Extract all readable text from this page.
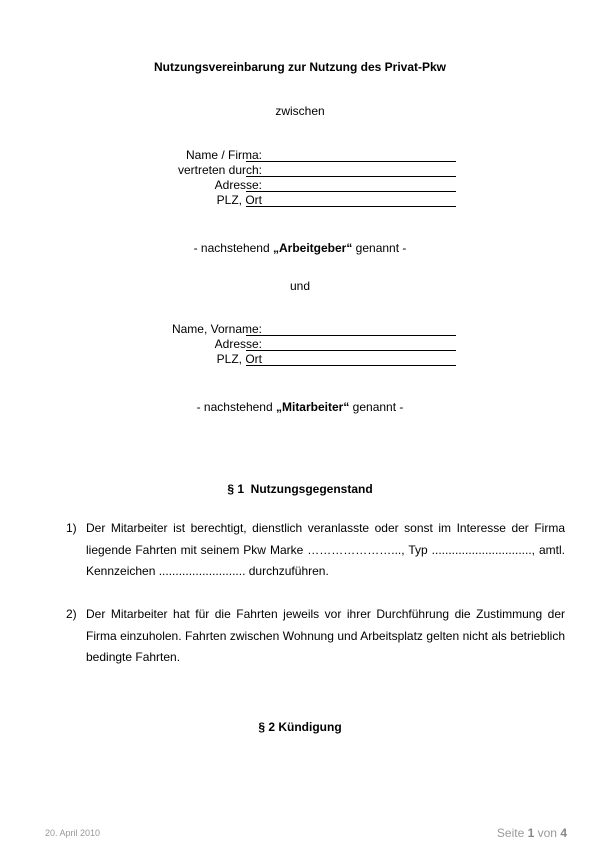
Nutzungsvereinbarung zur Nutzung des Privat-Pkw
zwischen
Name / Firma:
vertreten durch:
Adresse:
PLZ, Ort
- nachstehend „Arbeitgeber“ genannt -
und
Name, Vorname:
Adresse:
PLZ, Ort
- nachstehend „Mitarbeiter“ genannt -
§ 1  Nutzungsgegenstand
1) Der Mitarbeiter ist berechtigt, dienstlich veranlasste oder sonst im Interesse der Firma liegende Fahrten mit seinem Pkw Marke …………………..., Typ .............................., amtl. Kennzeichen .......................... durchzuführen.
2) Der Mitarbeiter hat für die Fahrten jeweils vor ihrer Durchführung die Zustimmung der Firma einzuholen. Fahrten zwischen Wohnung und Arbeitsplatz gelten nicht als betrieblich bedingte Fahrten.
§ 2 Kündigung
20. April 2010	Seite 1 von 4
